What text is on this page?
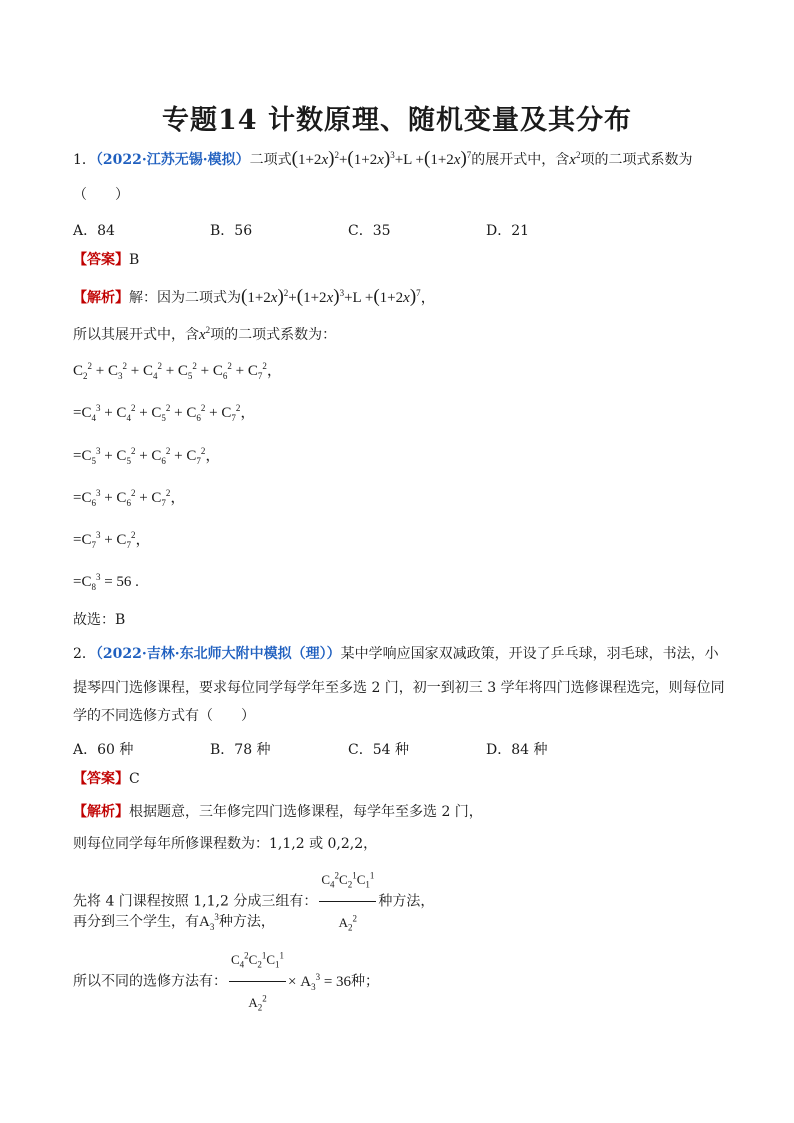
专题14 计数原理、随机变量及其分布
1．（2022·江苏无锡·模拟）二项式$(1+2x)^2+(1+2x)^3+L +(1+2x)^7$的展开式中，含$x^2$项的二项式系数为
（　　）
A．84	B．56	C．35	D．21
【答案】B
【解析】解：因为二项式为$(1+2x)^2+(1+2x)^3+L +(1+2x)^7$，
所以其展开式中，含$x^2$项的二项式系数为：
$C_2^2 + C_3^2 + C_4^2 + C_5^2 + C_6^2 + C_7^2$，
$=C_4^3 + C_4^2 + C_5^2 + C_6^2 + C_7^2$，
$=C_5^3 + C_5^2 + C_6^2 + C_7^2$，
$=C_6^3 + C_6^2 + C_7^2$，
$=C_7^3 + C_7^2$，
$=C_8^3 = 56$ .
故选：B
2．（2022·吉林·东北师大附中模拟（理））某中学响应国家双减政策，开设了乒乓球，羽毛球，书法，小
提琴四门选修课程，要求每位同学每学年至多选 2 门，初一到初三 3 学年将四门选修课程选完，则每位同
学的不同选修方式有（　　）
A．60 种	B．78 种	C．54 种	D．84 种
【答案】C
【解析】根据题意，三年修完四门选修课程，每学年至多选 2 门，
则每位同学每年所修课程数为：1,1,2 或 0,2,2，
先将 4 门课程按照 1,1,2 分成三组有： $\frac{C_4^2C_2^1C_1^1}{A_2^2}$ 种方法，
再分到三个学生，有$A_3^3$种方法，
所以不同的选修方法有： $\frac{C_4^2C_2^1C_1^1}{A_2^2} \times A_3^3 = 36$种；
